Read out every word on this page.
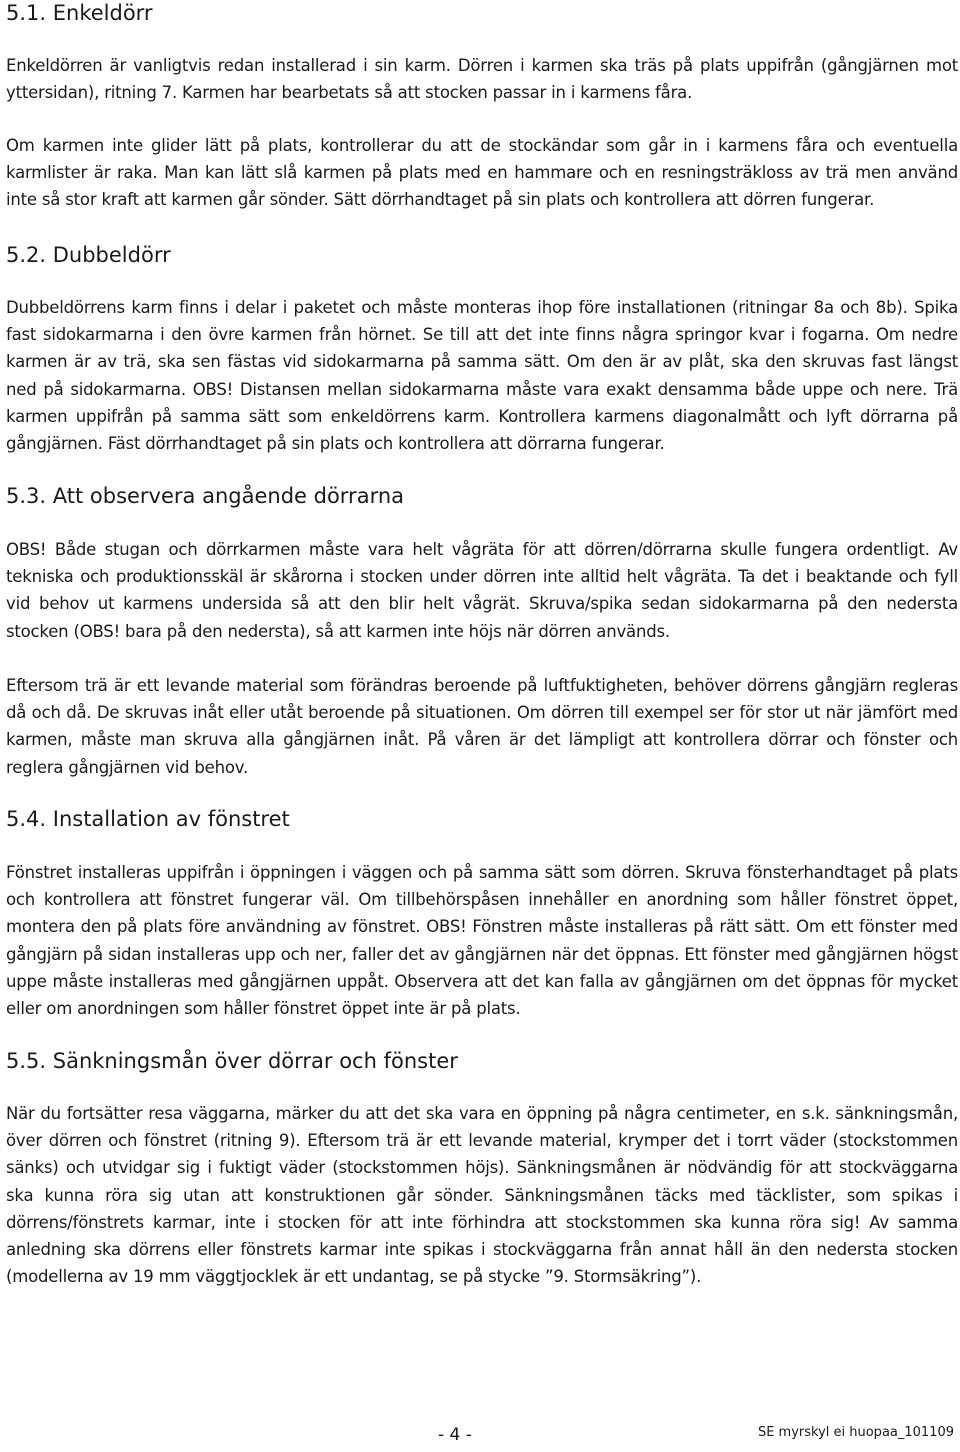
5.1. Enkeldörr

Enkeldörren är vanligtvis redan installerad i sin karm. Dörren i karmen ska träs på plats uppifrån (gångjärnen mot yttersidan), ritning 7. Karmen har bearbetats så att stocken passar in i karmens fåra.

Om karmen inte glider lätt på plats, kontrollerar du att de stockändar som går in i karmens fåra och eventuella karmlister är raka. Man kan lätt slå karmen på plats med en hammare och en resningsträkloss av trä men använd inte så stor kraft att karmen går sönder. Sätt dörrhandtaget på sin plats och kontrollera att dörren fungerar.

5.2. Dubbeldörr

Dubbeldörrens karm finns i delar i paketet och måste monteras ihop före installationen (ritningar 8a och 8b). Spika fast sidokarmarna i den övre karmen från hörnet. Se till att det inte finns några springor kvar i fogarna. Om nedre karmen är av trä, ska sen fästas vid sidokarmarna på samma sätt. Om den är av plåt, ska den skruvas fast längst ned på sidokarmarna. OBS! Distansen mellan sidokarmarna måste vara exakt densamma både uppe och nere. Trä karmen uppifrån på samma sätt som enkeldörrens karm. Kontrollera karmens diagonalmått och lyft dörrarna på gångjärnen. Fäst dörrhandtaget på sin plats och kontrollera att dörrarna fungerar.

5.3. Att observera angående dörrarna

OBS! Både stugan och dörrkarmen måste vara helt vågräta för att dörren/dörrarna skulle fungera ordentligt. Av tekniska och produktionsskäl är skårorna i stocken under dörren inte alltid helt vågräta. Ta det i beaktande och fyll vid behov ut karmens undersida så att den blir helt vågrät. Skruva/spika sedan sidokarmarna på den nedersta stocken (OBS! bara på den nedersta), så att karmen inte höjs när dörren används.

Eftersom trä är ett levande material som förändras beroende på luftfuktigheten, behöver dörrens gångjärn regleras då och då. De skruvas inåt eller utåt beroende på situationen. Om dörren till exempel ser för stor ut när jämfört med karmen, måste man skruva alla gångjärnen inåt. På våren är det lämpligt att kontrollera dörrar och fönster och reglera gångjärnen vid behov.

5.4. Installation av fönstret

Fönstret installeras uppifrån i öppningen i väggen och på samma sätt som dörren. Skruva fönsterhandtaget på plats och kontrollera att fönstret fungerar väl. Om tillbehörspåsen innehåller en anordning som håller fönstret öppet, montera den på plats före användning av fönstret. OBS! Fönstren måste installeras på rätt sätt. Om ett fönster med gångjärn på sidan installeras upp och ner, faller det av gångjärnen när det öppnas. Ett fönster med gångjärnen högst uppe måste installeras med gångjärnen uppåt. Observera att det kan falla av gångjärnen om det öppnas för mycket eller om anordningen som håller fönstret öppet inte är på plats.

5.5. Sänkningsmån över dörrar och fönster

När du fortsätter resa väggarna, märker du att det ska vara en öppning på några centimeter, en s.k. sänkningsmån, över dörren och fönstret (ritning 9). Eftersom trä är ett levande material, krymper det i torrt väder (stockstommen sänks) och utvidgar sig i fuktigt väder (stockstommen höjs). Sänkningsmånen är nödvändig för att stockväggarna ska kunna röra sig utan att konstruktionen går sönder. Sänkningsmånen täcks med täcklister, som spikas i dörrens/fönstrets karmar, inte i stocken för att inte förhindra att stockstommen ska kunna röra sig! Av samma anledning ska dörrens eller fönstrets karmar inte spikas i stockväggarna från annat håll än den nedersta stocken (modellerna av 19 mm väggtjocklek är ett undantag, se på stycke ”9. Stormsäkring”).

- 4 -	SE myrskyl ei huopaa_101109
